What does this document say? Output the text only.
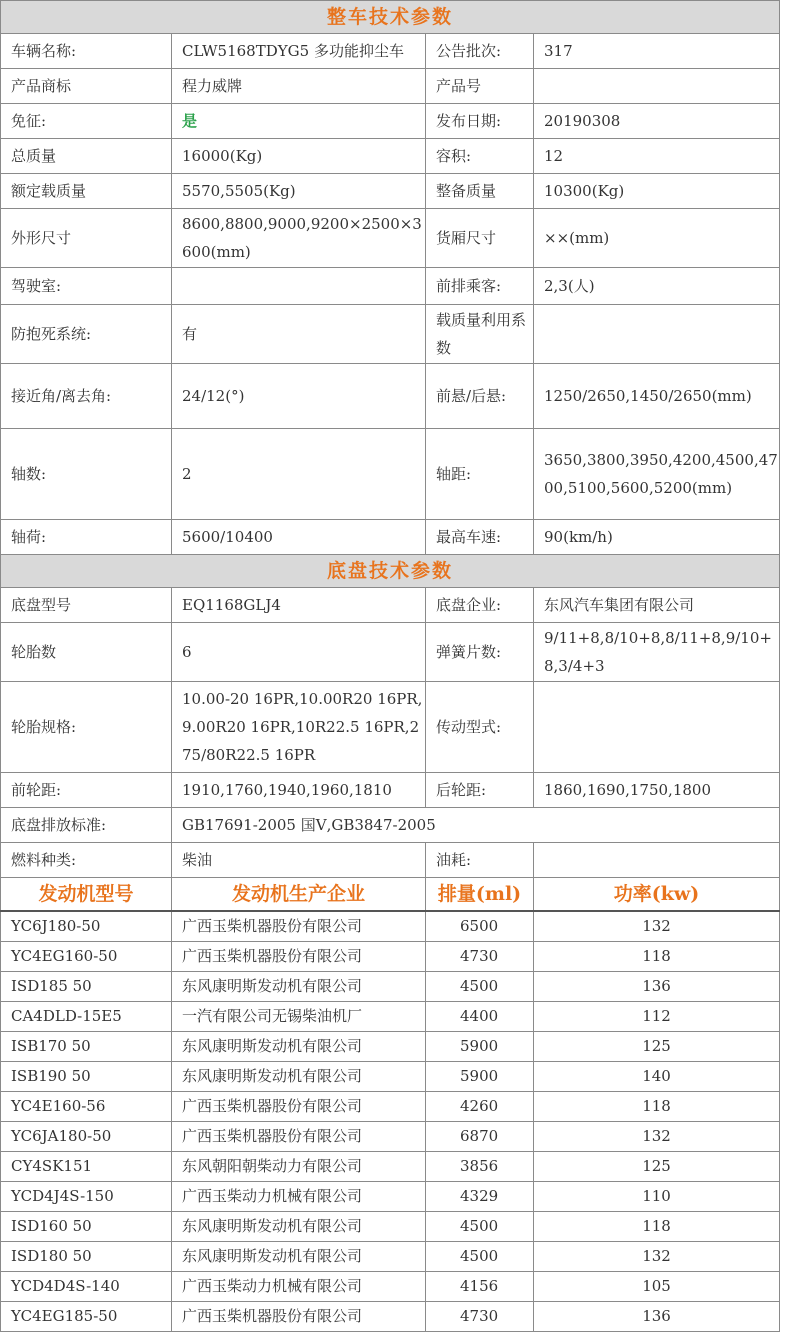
整车技术参数			
车辆名称:	CLW5168TDYG5 多功能抑尘车	公告批次:	317
产品商标	程力威牌	产品号	
免征:	是	发布日期:	20190308
总质量	16000(Kg)	容积:	12
额定载质量	5570,5505(Kg)	整备质量	10300(Kg)
外形尺寸	8600,8800,9000,9200×2500×3600(mm)	货厢尺寸	××(mm)
驾驶室:		前排乘客:	2,3(人)
防抱死系统:	有	载质量利用系数	
接近角/离去角:	24/12(°)	前悬/后悬:	1250/2650,1450/2650(mm)
轴数:	2	轴距:	3650,3800,3950,4200,4500,4700,5100,5600,5200(mm)
轴荷:	5600/10400	最高车速:	90(km/h)
底盘技术参数			
底盘型号	EQ1168GLJ4	底盘企业:	东风汽车集团有限公司
轮胎数	6	弹簧片数:	9/11+8,8/10+8,8/11+8,9/10+8,3/4+3
轮胎规格:	10.00-20 16PR,10.00R20 16PR,9.00R20 16PR,10R22.5 16PR,275/80R22.5 16PR	传动型式:	
前轮距:	1910,1760,1940,1960,1810	后轮距:	1860,1690,1750,1800
底盘排放标准:	GB17691-2005 国Ⅴ,GB3847-2005		
燃料种类:	柴油	油耗:	
发动机型号	发动机生产企业	排量(ml)	功率(kw)
YC6J180-50	广西玉柴机器股份有限公司	6500	132
YC4EG160-50	广西玉柴机器股份有限公司	4730	118
ISD185 50	东风康明斯发动机有限公司	4500	136
CA4DLD-15E5	一汽有限公司无锡柴油机厂	4400	112
ISB170 50	东风康明斯发动机有限公司	5900	125
ISB190 50	东风康明斯发动机有限公司	5900	140
YC4E160-56	广西玉柴机器股份有限公司	4260	118
YC6JA180-50	广西玉柴机器股份有限公司	6870	132
CY4SK151	东风朝阳朝柴动力有限公司	3856	125
YCD4J4S-150	广西玉柴动力机械有限公司	4329	110
ISD160 50	东风康明斯发动机有限公司	4500	118
ISD180 50	东风康明斯发动机有限公司	4500	132
YCD4D4S-140	广西玉柴动力机械有限公司	4156	105
YC4EG185-50	广西玉柴机器股份有限公司	4730	136
